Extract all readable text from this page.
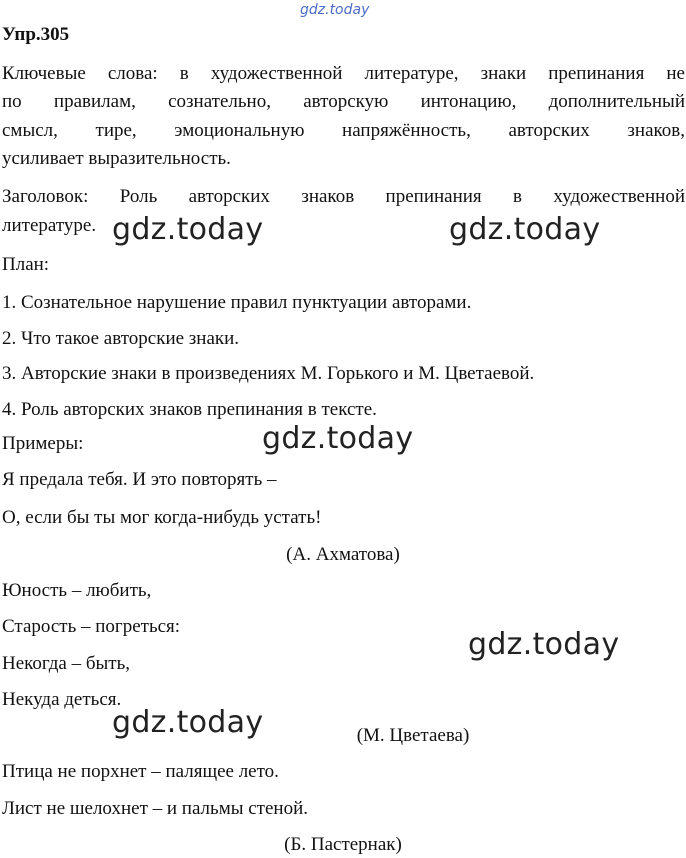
gdz.today
Упр.305
Ключевые слова: в художественной литературе, знаки препинания не
по правилам, сознательно, авторскую интонацию, дополнительный
смысл, тире, эмоциональную напряжённость, авторских знаков,
усиливает выразительность.
Заголовок: Роль авторских знаков препинания в художественной
литературе.
План:
1. Сознательное нарушение правил пунктуации авторами.
2. Что такое авторские знаки.
3. Авторские знаки в произведениях М. Горького и М. Цветаевой.
4. Роль авторских знаков препинания в тексте.
Примеры:
Я предала тебя. И это повторять –
О, если бы ты мог когда-нибудь устать!
(А. Ахматова)
Юность – любить,
Старость – погреться:
Некогда – быть,
Некуда деться.
(М. Цветаева)
Птица не порхнет – палящее лето.
Лист не шелохнет – и пальмы стеной.
(Б. Пастернак)
gdz.today	gdz.today
gdz.today
gdz.today
gdz.today
